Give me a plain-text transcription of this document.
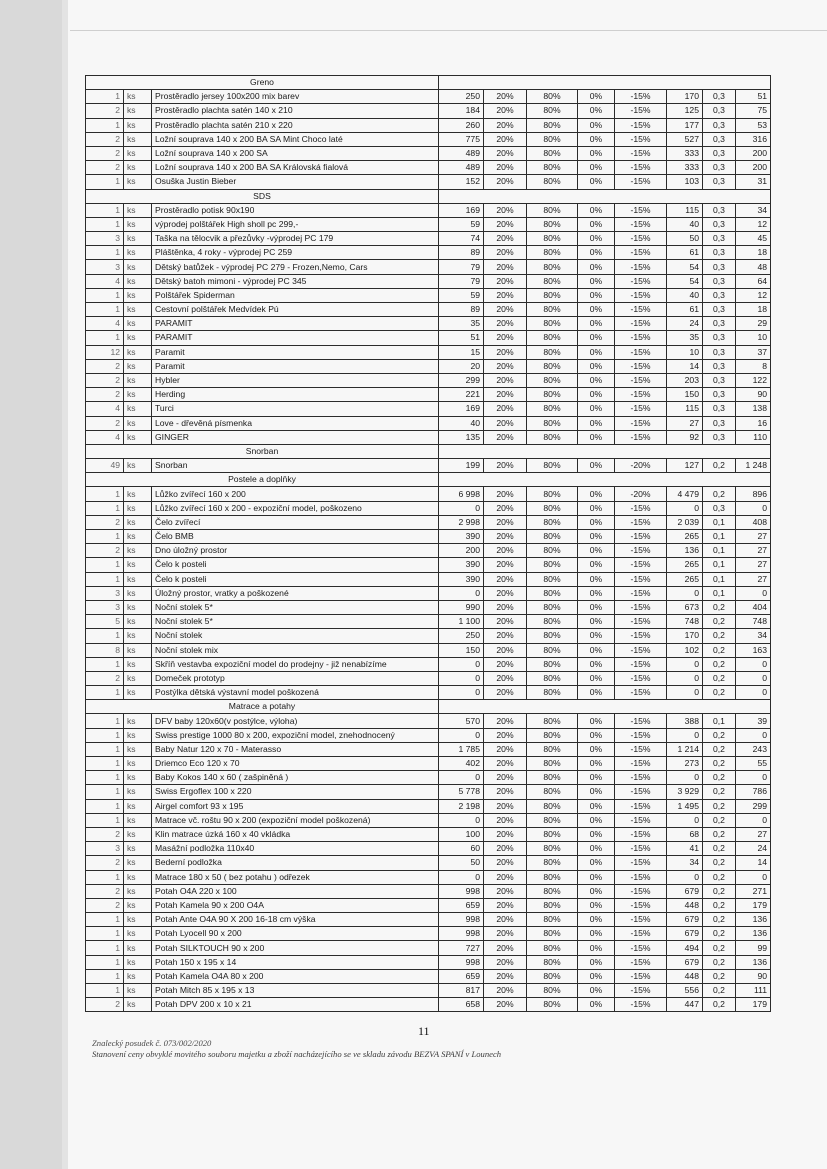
Greno										
1	ks	Prostěradlo jersey 100x200 mix barev	250	20%	80%	0%	-15%	170	0,3	51
2	ks	Prostěradlo plachta satén 140 x 210	184	20%	80%	0%	-15%	125	0,3	75
1	ks	Prostěradlo plachta satén 210 x 220	260	20%	80%	0%	-15%	177	0,3	53
2	ks	Ložní souprava 140 x 200 BA SA Mint Choco laté	775	20%	80%	0%	-15%	527	0,3	316
2	ks	Ložní souprava 140 x 200 SA	489	20%	80%	0%	-15%	333	0,3	200
2	ks	Ložní souprava 140 x 200 BA SA Královská fialová	489	20%	80%	0%	-15%	333	0,3	200
1	ks	Osuška Justin Bieber	152	20%	80%	0%	-15%	103	0,3	31
SDS										
1	ks	Prostěradlo potisk 90x190	169	20%	80%	0%	-15%	115	0,3	34
1	ks	výprodej polštářek High sholl pc 299,-	59	20%	80%	0%	-15%	40	0,3	12
3	ks	Taška na tělocvik a přezůvky -výprodej PC 179	74	20%	80%	0%	-15%	50	0,3	45
1	ks	Pláštěnka, 4 roky - výprodej PC 259	89	20%	80%	0%	-15%	61	0,3	18
3	ks	Dětský batůžek - výprodej PC 279 - Frozen,Nemo, Cars	79	20%	80%	0%	-15%	54	0,3	48
4	ks	Dětský batoh mimoni - výprodej PC 345	79	20%	80%	0%	-15%	54	0,3	64
1	ks	Polštářek Spiderman	59	20%	80%	0%	-15%	40	0,3	12
1	ks	Cestovní polštářek Medvídek Pú	89	20%	80%	0%	-15%	61	0,3	18
4	ks	PARAMIT	35	20%	80%	0%	-15%	24	0,3	29
1	ks	PARAMIT	51	20%	80%	0%	-15%	35	0,3	10
12	ks	Paramit	15	20%	80%	0%	-15%	10	0,3	37
2	ks	Paramit	20	20%	80%	0%	-15%	14	0,3	8
2	ks	Hybler	299	20%	80%	0%	-15%	203	0,3	122
2	ks	Herding	221	20%	80%	0%	-15%	150	0,3	90
4	ks	Turci	169	20%	80%	0%	-15%	115	0,3	138
2	ks	Love - dřevěná písmenka	40	20%	80%	0%	-15%	27	0,3	16
4	ks	GINGER	135	20%	80%	0%	-15%	92	0,3	110
Snorban										
49	ks	Snorban	199	20%	80%	0%	-20%	127	0,2	1 248
Postele a doplňky										
1	ks	Lůžko zvířecí 160 x 200	6 998	20%	80%	0%	-20%	4 479	0,2	896
1	ks	Lůžko zvířecí 160 x 200 - expoziční model, poškozeno	0	20%	80%	0%	-15%	0	0,3	0
2	ks	Čelo zvířecí	2 998	20%	80%	0%	-15%	2 039	0,1	408
1	ks	Čelo BMB	390	20%	80%	0%	-15%	265	0,1	27
2	ks	Dno úložný prostor	200	20%	80%	0%	-15%	136	0,1	27
1	ks	Čelo k posteli	390	20%	80%	0%	-15%	265	0,1	27
1	ks	Čelo k posteli	390	20%	80%	0%	-15%	265	0,1	27
3	ks	Úložný prostor, vratky a poškozené	0	20%	80%	0%	-15%	0	0,1	0
3	ks	Noční stolek 5*	990	20%	80%	0%	-15%	673	0,2	404
5	ks	Noční stolek 5*	1 100	20%	80%	0%	-15%	748	0,2	748
1	ks	Noční stolek	250	20%	80%	0%	-15%	170	0,2	34
8	ks	Noční stolek mix	150	20%	80%	0%	-15%	102	0,2	163
1	ks	Skříň vestavba expoziční model do prodejny - již nenabízíme	0	20%	80%	0%	-15%	0	0,2	0
2	ks	Domeček prototyp	0	20%	80%	0%	-15%	0	0,2	0
1	ks	Postýlka dětská výstavní model poškozená	0	20%	80%	0%	-15%	0	0,2	0
Matrace a potahy										
1	ks	DFV baby 120x60(v postýlce, výloha)	570	20%	80%	0%	-15%	388	0,1	39
1	ks	Swiss prestige 1000 80 x 200, expoziční model, znehodnocený	0	20%	80%	0%	-15%	0	0,2	0
1	ks	Baby Natur 120 x 70 - Materasso	1 785	20%	80%	0%	-15%	1 214	0,2	243
1	ks	Driemco Eco 120 x 70	402	20%	80%	0%	-15%	273	0,2	55
1	ks	Baby Kokos 140 x 60 ( zašpiněná )	0	20%	80%	0%	-15%	0	0,2	0
1	ks	Swiss Ergoflex 100 x 220	5 778	20%	80%	0%	-15%	3 929	0,2	786
1	ks	Airgel comfort 93 x 195	2 198	20%	80%	0%	-15%	1 495	0,2	299
1	ks	Matrace vč. roštu 90 x 200 (expoziční model poškozená)	0	20%	80%	0%	-15%	0	0,2	0
2	ks	Klin matrace úzká 160 x 40 vkládka	100	20%	80%	0%	-15%	68	0,2	27
3	ks	Masážní podložka 110x40	60	20%	80%	0%	-15%	41	0,2	24
2	ks	Bederní podložka	50	20%	80%	0%	-15%	34	0,2	14
1	ks	Matrace 180 x 50 ( bez potahu ) odřezek	0	20%	80%	0%	-15%	0	0,2	0
2	ks	Potah O4A 220 x 100	998	20%	80%	0%	-15%	679	0,2	271
2	ks	Potah Kamela 90 x 200 O4A	659	20%	80%	0%	-15%	448	0,2	179
1	ks	Potah Ante O4A 90 X 200 16-18 cm výška	998	20%	80%	0%	-15%	679	0,2	136
1	ks	Potah Lyocell 90 x 200	998	20%	80%	0%	-15%	679	0,2	136
1	ks	Potah SILKTOUCH 90 x 200	727	20%	80%	0%	-15%	494	0,2	99
1	ks	Potah 150 x 195 x 14	998	20%	80%	0%	-15%	679	0,2	136
1	ks	Potah Kamela O4A 80 x 200	659	20%	80%	0%	-15%	448	0,2	90
1	ks	Potah Mitch 85 x 195 x 13	817	20%	80%	0%	-15%	556	0,2	111
2	ks	Potah DPV 200 x 10 x 21	658	20%	80%	0%	-15%	447	0,2	179
11
Znalecký posudek č. 073/002/2020
Stanovení ceny obvyklé movitého souboru majetku a zboží nacházejícího se ve skladu závodu BEZVA SPANÍ v Lounech
